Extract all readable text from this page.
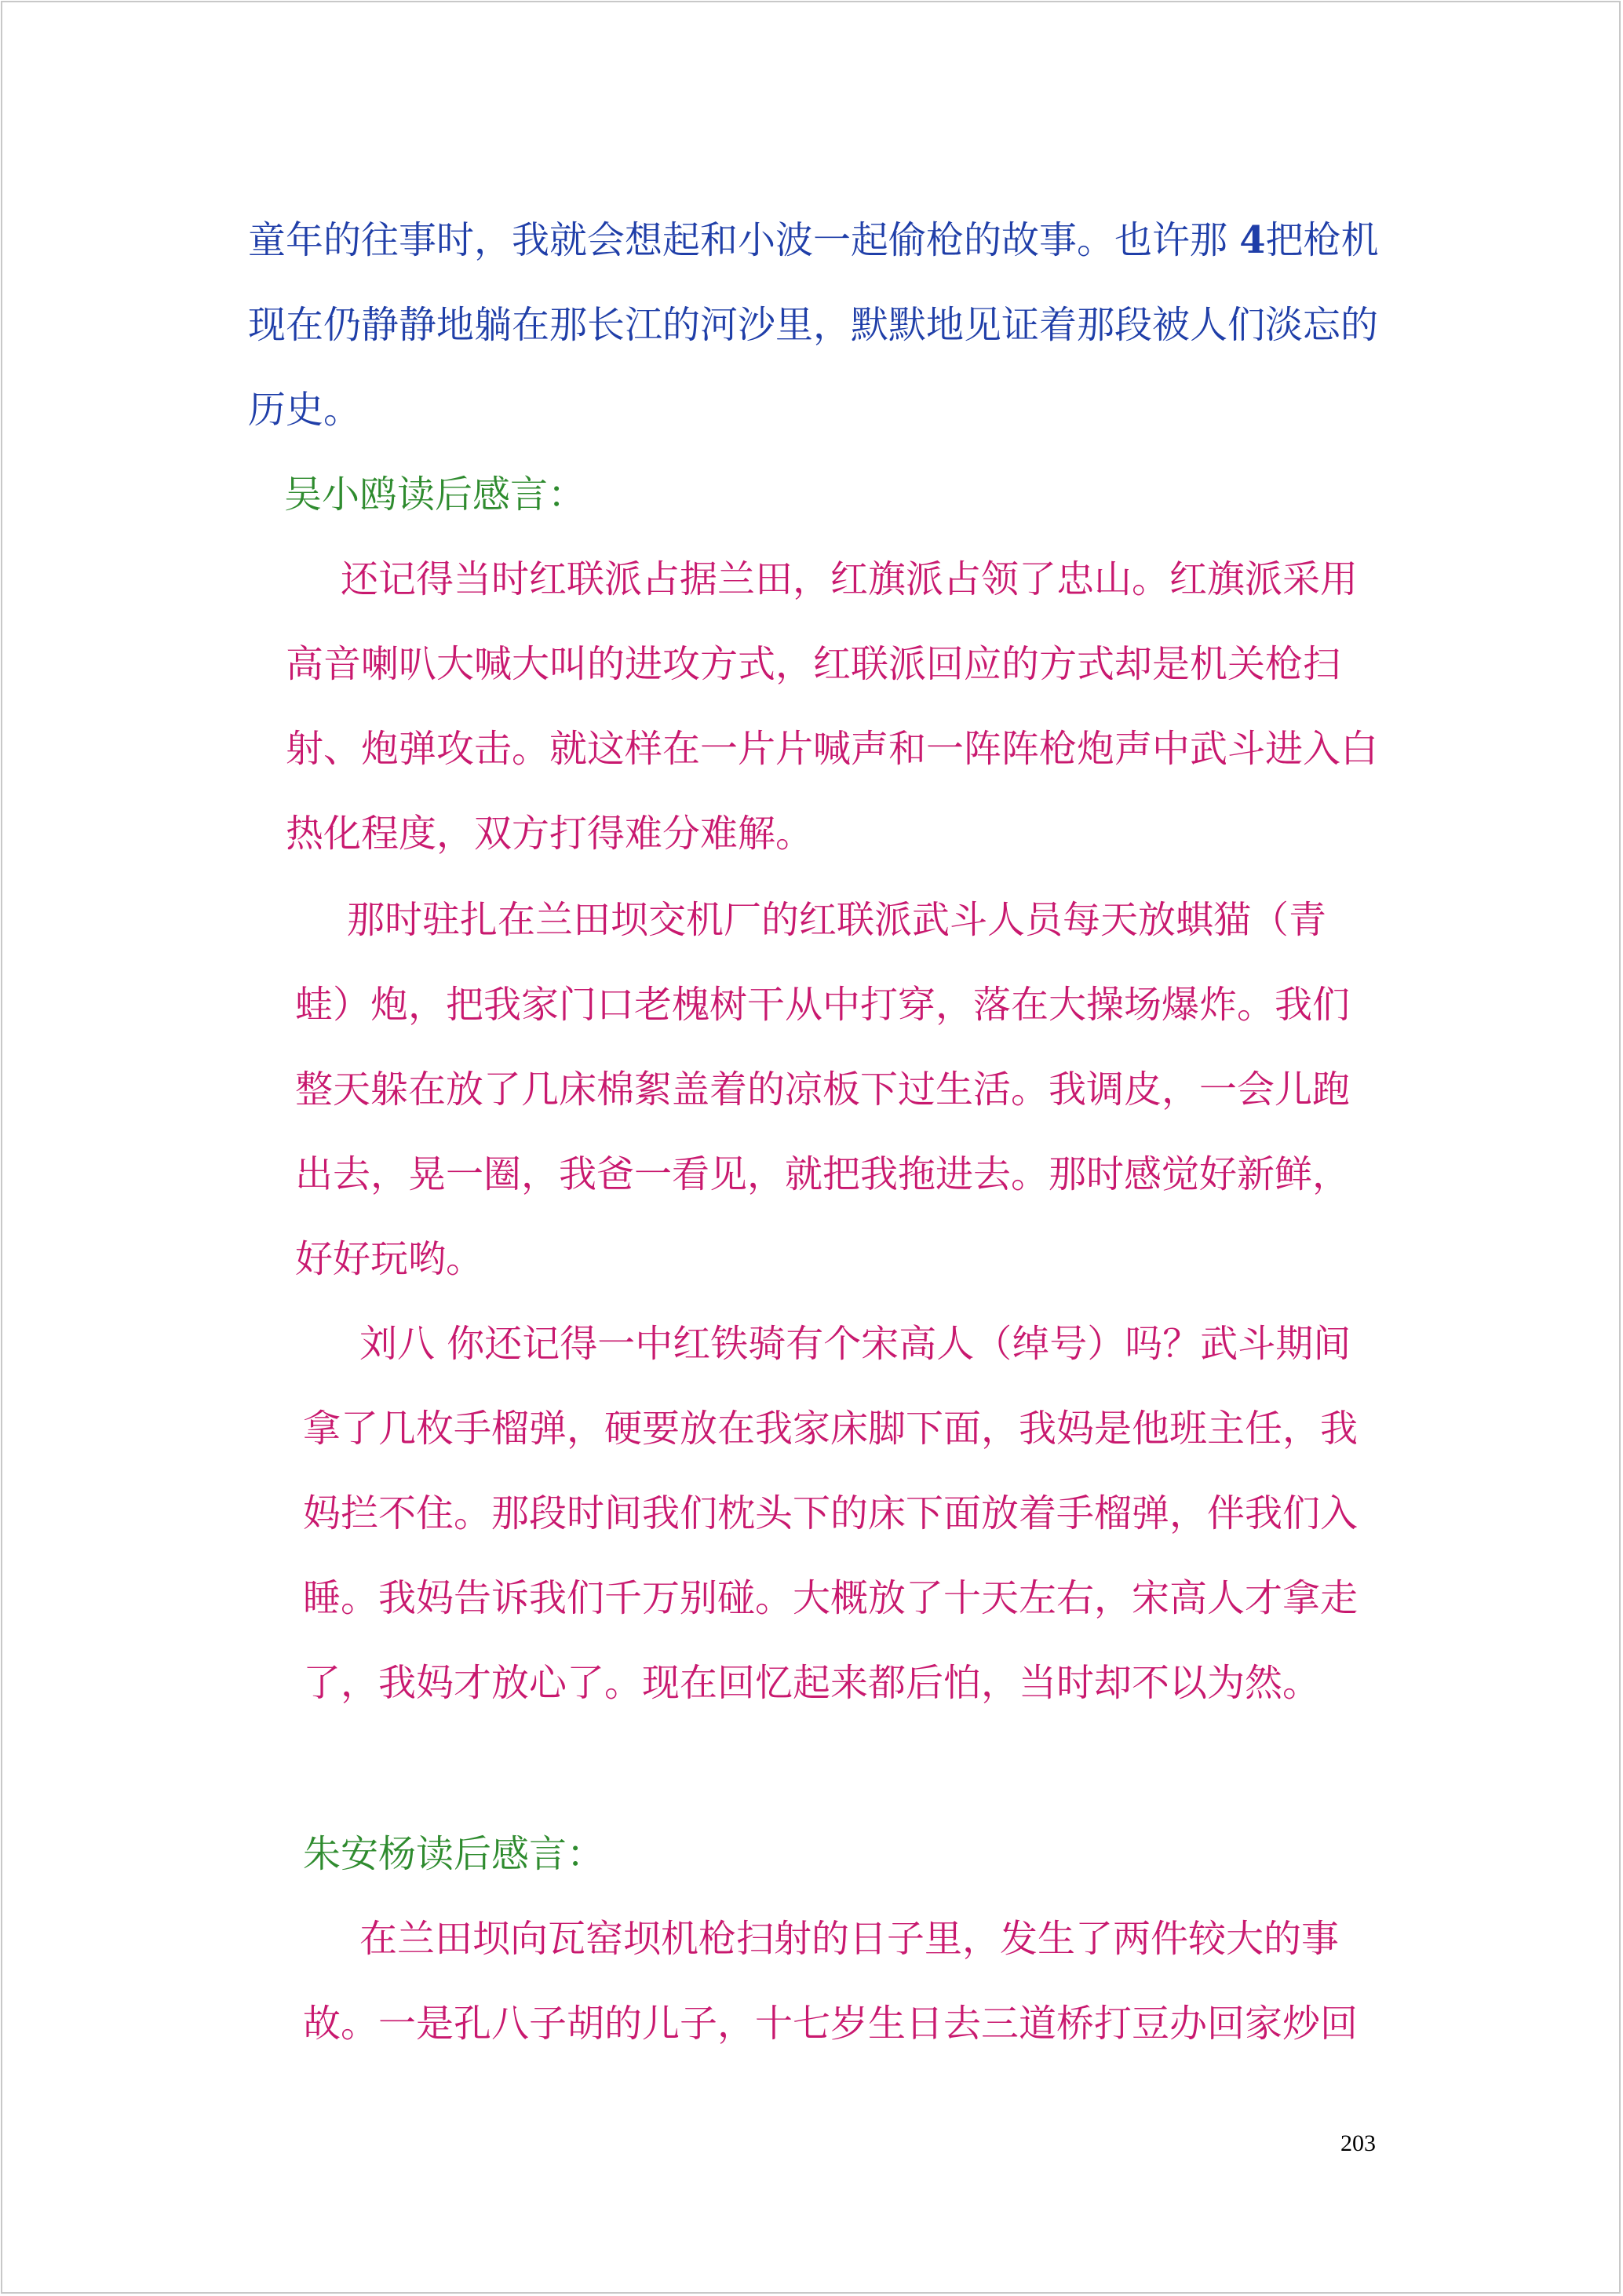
童年的往事时，我就会想起和小波一起偷枪的故事。也许那 4把枪机
现在仍静静地躺在那长江的河沙里，默默地见证着那段被人们淡忘的
历史。
吴小鸥读后感言：
还记得当时红联派占据兰田，红旗派占领了忠山。红旗派采用
高音喇叭大喊大叫的进攻方式，红联派回应的方式却是机关枪扫
射、炮弹攻击。就这样在一片片喊声和一阵阵枪炮声中武斗进入白
热化程度，双方打得难分难解。
那时驻扎在兰田坝交机厂的红联派武斗人员每天放蜞猫（青
蛙）炮，把我家门口老槐树干从中打穿，落在大操场爆炸。我们
整天躲在放了几床棉絮盖着的凉板下过生活。我调皮，一会儿跑
出去，晃一圈，我爸一看见，就把我拖进去。那时感觉好新鲜，
好好玩哟。
刘八 你还记得一中红铁骑有个宋高人（绰号）吗？武斗期间
拿了几枚手榴弹，硬要放在我家床脚下面，我妈是他班主任，我
妈拦不住。那段时间我们枕头下的床下面放着手榴弹，伴我们入
睡。我妈告诉我们千万别碰。大概放了十天左右，宋高人才拿走
了，我妈才放心了。现在回忆起来都后怕，当时却不以为然。
朱安杨读后感言：
在兰田坝向瓦窑坝机枪扫射的日子里，发生了两件较大的事
故。一是孔八子胡的儿子，十七岁生日去三道桥打豆办回家炒回
203
